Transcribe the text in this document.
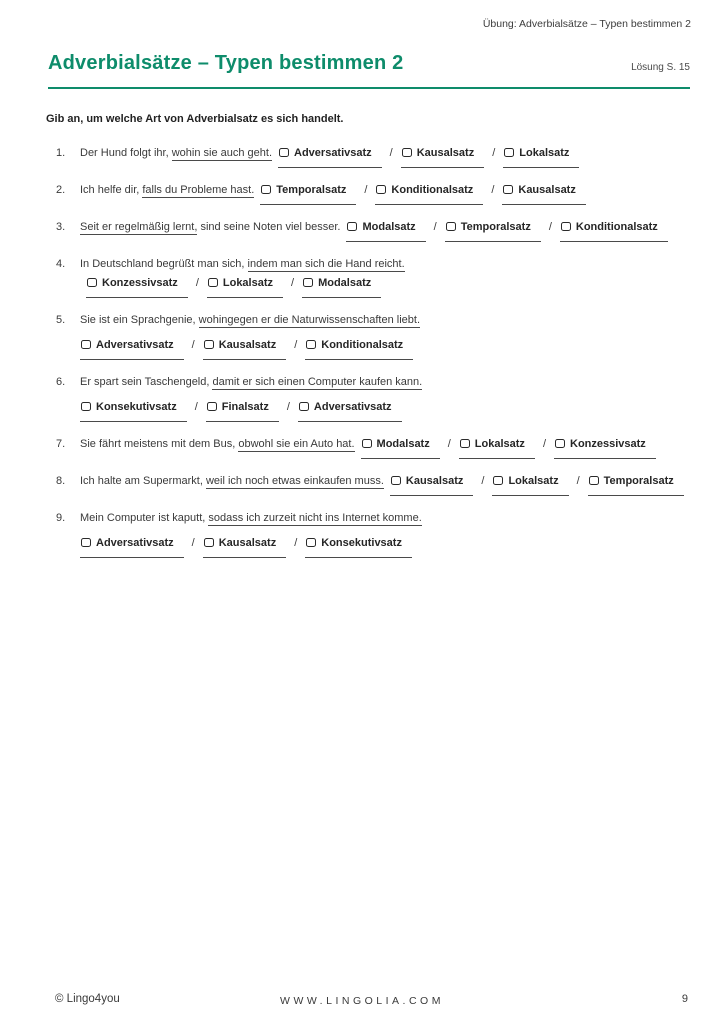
Übung: Adverbialsätze – Typen bestimmen 2
Adverbialsätze – Typen bestimmen 2	Lösung S. 15
Gib an, um welche Art von Adverbialsatz es sich handelt.
1.	Der Hund folgt ihr, wohin sie auch geht. Adversativsatz / Kausalsatz / Lokalsatz
2.	Ich helfe dir, falls du Probleme hast. Temporalsatz / Konditionalsatz / Kausalsatz
3.	Seit er regelmäßig lernt, sind seine Noten viel besser. Modalsatz / Temporalsatz / Konditionalsatz
4.	In Deutschland begrüßt man sich, indem man sich die Hand reicht.Konzessivsatz / Lokalsatz / Modalsatz
5.	Sie ist ein Sprachgenie, wohingegen er die Naturwissenschaften liebt.
Adversativsatz / Kausalsatz / Konditionalsatz
6.	Er spart sein Taschengeld, damit er sich einen Computer kaufen kann.
Konsekutivsatz / Finalsatz / Adversativsatz
7.	Sie fährt meistens mit dem Bus, obwohl sie ein Auto hat. Modalsatz / Lokalsatz / Konzessivsatz
8.	Ich halte am Supermarkt, weil ich noch etwas einkaufen muss. Kausalsatz / Lokalsatz / Temporalsatz
9.	Mein Computer ist kaputt, sodass ich zurzeit nicht ins Internet komme.
Adversativsatz / Kausalsatz / Konsekutivsatz
© Lingo4you	WWW.LINGOLIA.COM	9
